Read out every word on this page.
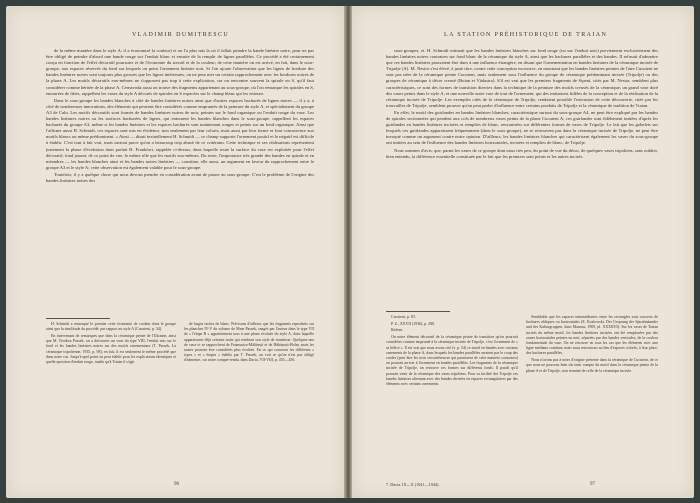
VLADIMIR DUMITRESCU

de la même manière dans le style A; il a économisé la couleur) et on l'a plus mis la où il fallait peindre la bande linéaire noire, pour ne pas être obligé de peindre d'abord une bande rouge sur l'enduit blanc et ensuite de la remplir de lignes parallèles. Ce procédé a été certainement conçu en fonction de l'effet décoratif poursuivi et de l'économie du travail et de la couleur; de cette manière on est arrivé, en fait, dans le sous-groupe, aux espaces réservés du fond sur lesquels on peint l'ornement linéaire noir. Si l'on ajoute l'observation que les lignes de bordure des bandes linéaires noires sont toujours plus grosses que les lignes intérieures, on ne peut nier un certain rapprochement avec les bordures noires de la phase A. Les motifs décoratifs eux-mêmes ne s'opposent pas trop à cette explication, car on rencontre souvent la spirale en S, qu'il faut considérer comme héritée de la phase A. Cernavoda aussi on trouve des fragments appartenant au sous-groupe, où l'on remarque les spirales en S, entourées de filets, rappellent les vases du style A décorés de spirales en S espacées sur le champ blanc qui les entoure.

Dans le sous-groupe les bandes blanches à côté de bandes linéaires noires ainsi que d'autres espaces hachurés de lignes noires — il y a, à côté de nombreuses innovations, des éléments qui peuvent être considérés comme empruntés de la peinture du style A, et spécialement du groupe A3 de Calu. Les motifs décoratifs sont formés de bandes linéaires noires de noir, peintes sur le fond organique ou l'enduit rouge du vase. Les bandes linéaires noires ou les surfaces hachurées de lignes, qui entourent les bandes blanches dans le sous-groupe, rappellent les espaces hachurés du groupe A3, même si les bandes linéaires et les espaces hachurés sont maintenant rouges et peints sur un fond organique. Ainsi que l'affirme aussi H. Schmidt, ces espaces sont mis en évidence, non seulement par leur coloris, mais aussi par leur forme et font concurrence aux motifs blancs ou même prédominent. « Ainsi — disait textuellement H. Schmidt — ce champ supporte l'ornement positif et le négatif est difficile à établir. C'est tout à fait vrai, mais surtout parce qu'on a beaucoup trop abusé de ce critérium. Cette technique et ses réalisations représentent justement la phase d'évolution dont parlait H. Frankfort, rappelée ci-dessus, dans laquelle toute la surface du vase est exploitée pour l'effet décoratif; fond jouant, de ce point de vue, le même rôle que les motifs eux-mêmes. Du reste, l'importance très grande des bandes en spirale et en méandres — les bandes blanches ainsi et les bandes noires linéaires — constitue, elle aussi, un argument en faveur du rapprochement entre le groupe A3 et le style A; cette observation est également valable pour le sous-groupe.

Toutefois, il y a quelque chose qui nous devons prendre en considération avant de passer au sous-groupe. C'est le problème de l'origine des bandes linéaires noires des

H. Schmidt a remarqué le premier cette économie de couleur dans le groupe ainsi que la similitude du procédé, par rapport au style A (Cucuteni, p. 34).

En intervenant de remarques que dans la céramique peinte de l'Ukraine, ainsi que M. Teodora Passek, on a découvert un vase du type VIII, l'enduit mis sur le fond et les bandes linéaires noires sur des motifs ornementaux (T. Passek, La céramique tripolienne, 1935, p. 98); en fait, il est seulement le même procédé que dans notre cas. Jusqu'à quel point on peut établir pour les explications identiques et quelle question d'enduit rouge, tandis qu'à Traian il s'agit

de larges taches de blanc. Précisons d'ailleurs que les fragments reproduits sur les planches IV-V du volume de Mme Passek, rangés par l'auteur dans le type VII de « l'étape B » appartiennent tous à une phase évoluée du style A, dans laquelle apparaissent déjà certains traits qui rendront son style de transition. Quelques-uns de ceux-ci se rapprochent de Frumusica-Mălăiești et de Hăbășești-Holm, mais les autres peuvent être considérés plus évolués. En ce qui concerne les différents « types » et « étapes » établis par T. Passek, on voit ce qu'on n'est pas obligé d'admettre, car notre compte-rendu, dans Dacia, VII-VIII, p. 455—456.

96
LA STATION PRÉHISTORIQUE DE TRAIAN

sous-groupes, et. H. Schmidt estimait que les bandes linéaires blanches sur fond rouge (ou sur l'enduit noir) proviennent exclusivement des bandes linéaires noires contraires sur fond blanc de la céramique du style A, ainsi que les hachures parallèles et des bandes. Il refusait d'admettre que ces bandes linéaires pourraient être dues à une influence étrangère, en disant que l'ornementation en bandes linéaires de la céramique incisée de Tripolje (A). M. Nestor s'est élevé, à juste titre, contre cette conception excessive, en montrant que les bandes linéaires peintes de l'aire Cucuteni ne sont pas nées de la céramique peinte Cucuteni, mais seulement sous l'influence du groupe de céramique prédominant incisée (Tripolje) ou des groupes de céramique à décor creusé (Boian et Vădastra). S'il est vrai que les premiers fragments de Sipeni, cités par M. Nestor, semblent plus caractéristiques, ce sont des formes de transition directes dans la technique de la peinture des motifs creusés de la céramique, un grand vase doré des vases peints dans le style A, et une nouvelle autre voie de tout de l'ornement, qui des imitations fidèles de la conception et de la réalisation de la céramique incisée de Tripolje. Les exemples cités de la céramique de Tripolje, rendaient possible l'extension de cette découverte, citée par les trouvailles de Tripolje, semblent prouver qu'on peut parler d'influence entre certains produits de Tripolje et la céramique de tradition de Traian.

En effet, le motif des guirlandes en bandes linéaires blanches, caractéristique surtout du sous-groupe A4, ne peut être expliqué par les bandes de spirales sectionnées qui pendent aux cols de nombreux vases peints de la phase Cucuteni A; ces guirlandes sont fidèlement imitées d'après les guirlandes en bandes linéaires incisées et remplies de blanc, rencontrées sur différentes formes de vases de Tripolje. Le fait que les gobelets sur lesquels ces guirlandes apparaissent fréquemment (dans le sous-groupe), ne se retrouvent pas dans la céramique incisée de Tripolje, ne peut être invoqué comme un argument contre notre opinion. D'ailleurs, les bandes linéaires blanches qui caractérisent également les vases du sous-groupe ont imitées au sein de l'influence des bandes linéaires horizontales, incisées et remplies de blanc, de Tripolje.

Nous sommes d'avis, que, parmi les vases de ce groupe dont nous très peu, du point de vue du décor, de quelques vases tripoliens, sans oublier, bien entendu, la différence essentielle constituée par le fait que les premiers sont peints et les autres incisés.

Cucuteni, p. 83.

P. Z., XXVII (1936), p. 288.

Ibidem.

On notre élément décoratif de la céramique peinte de transition qu'on pourrait considérer comme emprunté à la céramique incisée de Tripolje, c'est l'ornement de « sa hélice ». Il est vrai que nous avons cité (v. p. 54) ce motif en bandes avec certains ornements de la phase A, dans lesquels les bandes parallèles seraient par le coup des cordes (peut être les trois circonférences qui paraissent de cette manière contraires) on pourrait arriver à l'ornement en bandes parallèles. Les fragments de la céramique incisée de Tripolje, on retrouve ces formes sur différents fonds. Il paraît qu'il pourrait venir de la céramique des vases tripoliens. Pour sa facilité des Tripolje ces bandes linéaires alternant avec des bandes divisées en espaces rectangulaires par des éléments avec certains ornements.

Semblable que les espaces intermédiaires entre les rectangles sont couverts de hachures obliques ou horizontales (E. Kozlowski, Der Ursprung der Spiralmäander und der Kulturgruppen, dans Mannus, 1909, pl. XXXIII/5). Sur les vases de Traian incisés du même motif, les bandes linéaires incisées ont été remplacées par des zones horizontales peintes en noir, séparées par des bandes verticales, de la couleur fondamentale du vase. On ne retrouve en tous les cas que les éléments avec une ligne médiane continue, mais nous retrouvons au lieu d'espaces colorés, à leur place, des hachures parallèles.

Nous n'avons pas à noter d'origine présente dans la céramique de Cucuteni, de ce que nous ne pouvons bien sûr tenir compte du motif dans la céramique peinte de la phase A et de Tripolje, non terminé de celle de la céramique incisée.

7. Dacia. IX—X (1941—1944).	97
